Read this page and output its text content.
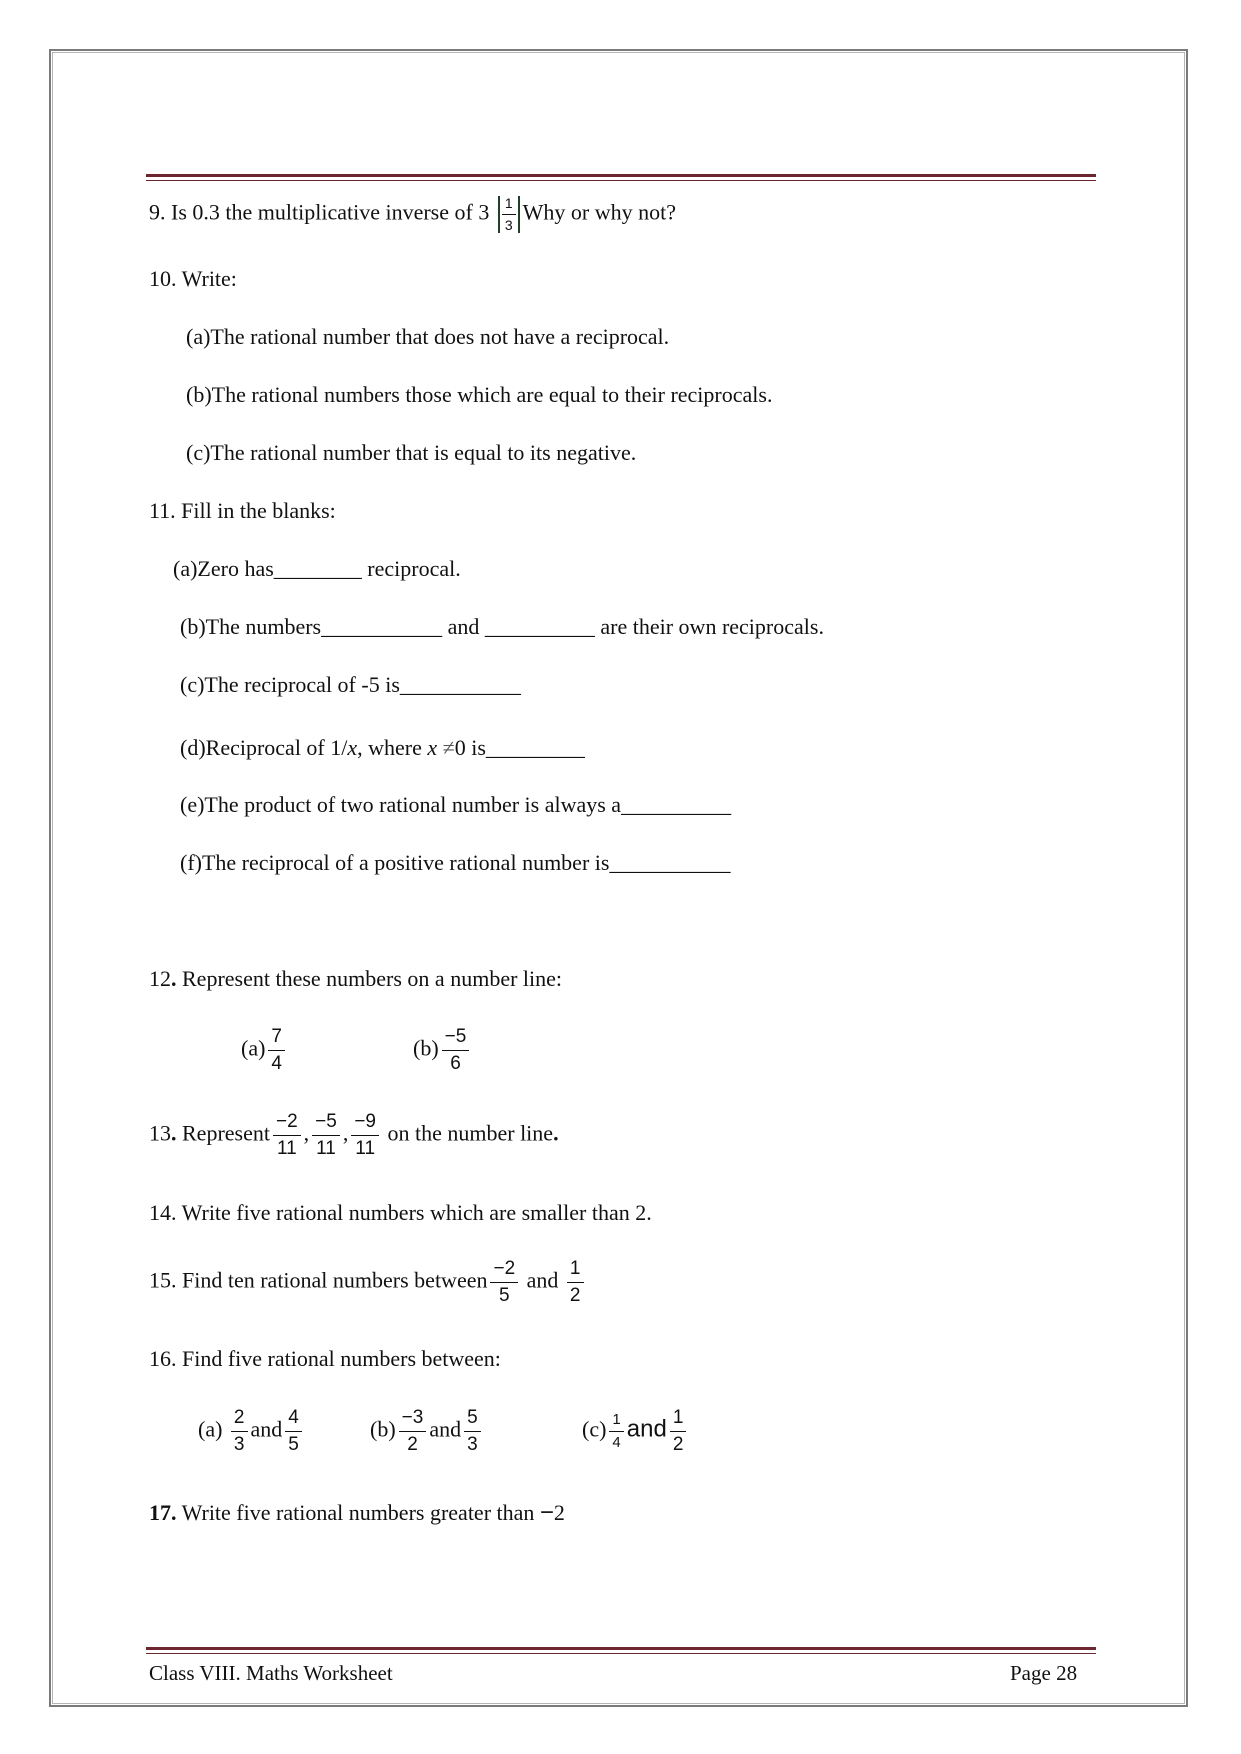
9. Is 0.3 the multiplicative inverse of $3 \frac{1}{3}$ Why or why not?
10. Write:
(a)The rational number that does not have a reciprocal.
(b)The rational numbers those which are equal to their reciprocals.
(c)The rational number that is equal to its negative.
11. Fill in the blanks:
(a)Zero has________ reciprocal.
(b)The numbers___________ and __________ are their own reciprocals.
(c)The reciprocal of -5 is___________
(d)Reciprocal of 1/x, where x ≠0 is_________
(e)The product of two rational number is always a__________
(f)The reciprocal of a positive rational number is___________
12. Represent these numbers on a number line:
$(a) \frac{7}{4}$	$(b) \frac{-5}{6}$
13. Represent $\frac{-2}{11}$ , $\frac{-5}{11}$ , $\frac{-9}{11}$ on the number line.
14. Write five rational numbers which are smaller than 2.
15. Find ten rational numbers between $\frac{-2}{5}$ and $\frac{1}{2}$
16. Find five rational numbers between:
$(a) \frac{2}{3}$ and $\frac{4}{5}$	$(b) \frac{-3}{2}$ and $\frac{5}{3}$	$(c) \frac{1}{4}$ and $\frac{1}{2}$
17. Write five rational numbers greater than −2
Class VIII. Maths Worksheet	Page 28
